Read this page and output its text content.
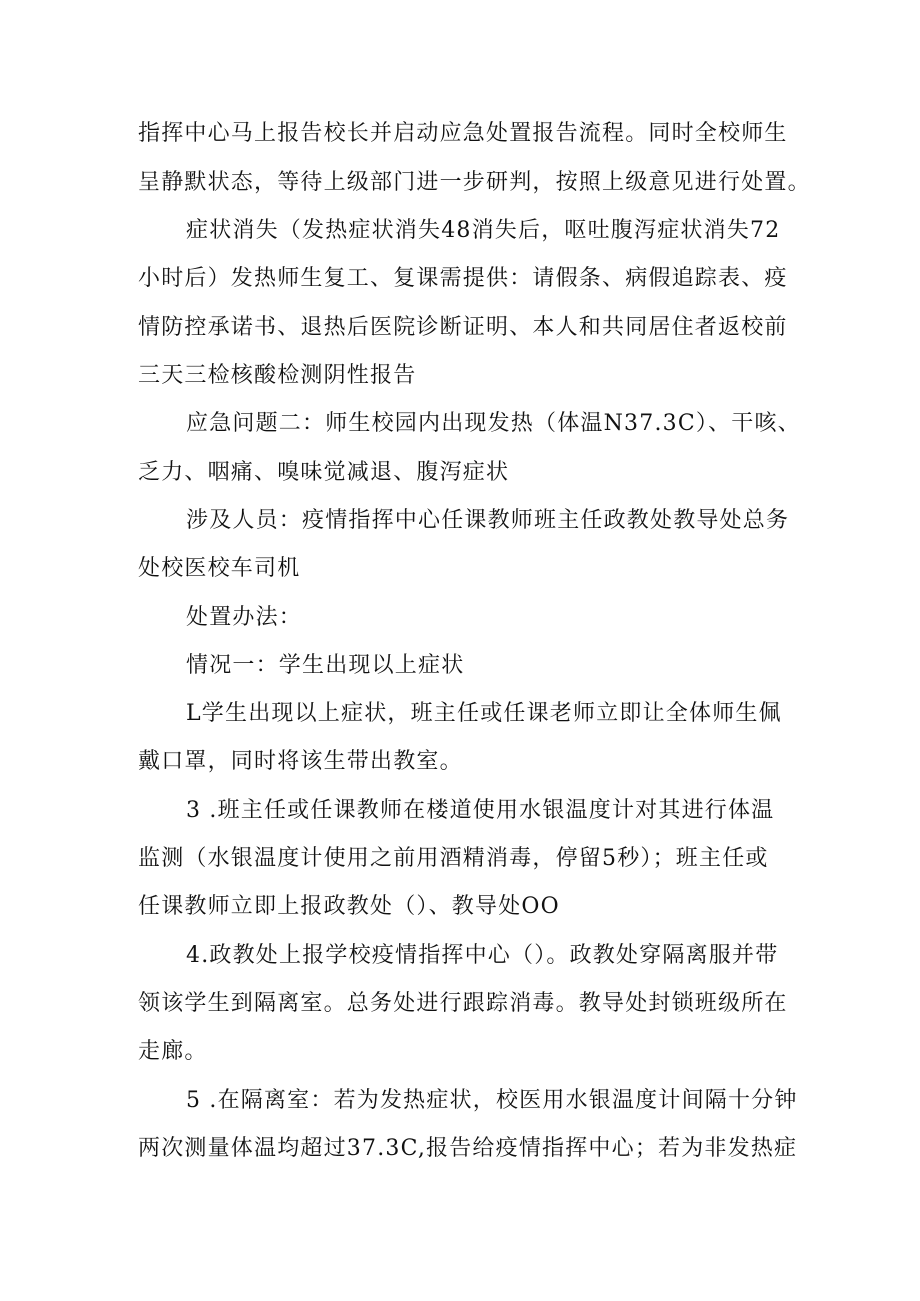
指挥中心马上报告校长并启动应急处置报告流程。同时全校师生
呈静默状态，等待上级部门进一步研判，按照上级意见进行处置。
症状消失（发热症状消失48消失后，呕吐腹泻症状消失72
小时后）发热师生复工、复课需提供：请假条、病假追踪表、疫
情防控承诺书、退热后医院诊断证明、本人和共同居住者返校前
三天三检核酸检测阴性报告
应急问题二：师生校园内出现发热（体温N37.3C）、干咳、
乏力、咽痛、嗅味觉减退、腹泻症状
涉及人员：疫情指挥中心任课教师班主任政教处教导处总务
处校医校车司机
处置办法：
情况一：学生出现以上症状
L学生出现以上症状，班主任或任课老师立即让全体师生佩
戴口罩，同时将该生带出教室。
3 .班主任或任课教师在楼道使用水银温度计对其进行体温
监测（水银温度计使用之前用酒精消毒，停留5秒）；班主任或
任课教师立即上报政教处（）、教导处OO
4.政教处上报学校疫情指挥中心（）。政教处穿隔离服并带
领该学生到隔离室。总务处进行跟踪消毒。教导处封锁班级所在
走廊。
5 .在隔离室：若为发热症状，校医用水银温度计间隔十分钟
两次测量体温均超过37.3C,报告给疫情指挥中心；若为非发热症
